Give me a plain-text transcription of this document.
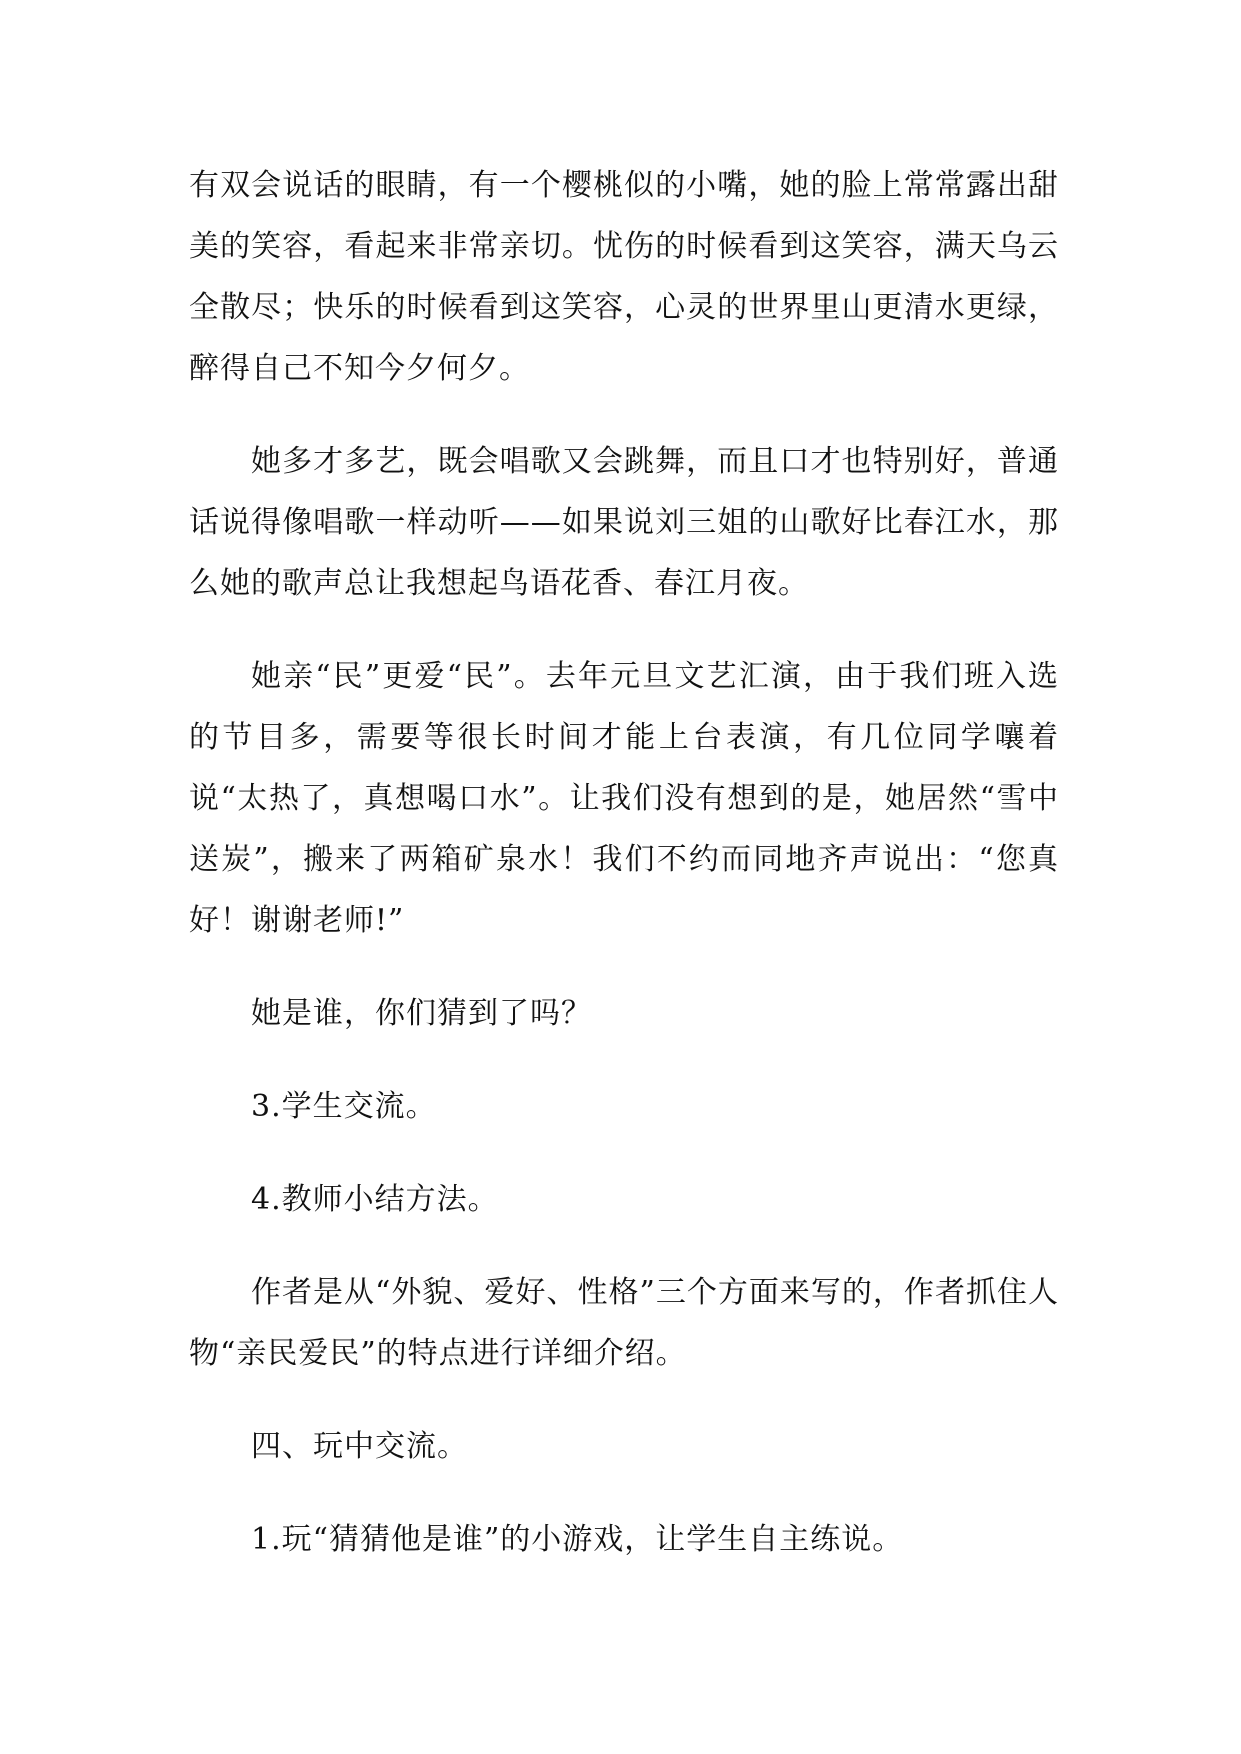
有双会说话的眼睛，有一个樱桃似的小嘴，她的脸上常常露出甜美的笑容，看起来非常亲切。忧伤的时候看到这笑容，满天乌云全散尽；快乐的时候看到这笑容，心灵的世界里山更清水更绿，醉得自己不知今夕何夕。

她多才多艺，既会唱歌又会跳舞，而且口才也特别好，普通话说得像唱歌一样动听——如果说刘三姐的山歌好比春江水，那么她的歌声总让我想起鸟语花香、春江月夜。

她亲“民”更爱“民”。去年元旦文艺汇演，由于我们班入选的节目多，需要等很长时间才能上台表演，有几位同学嚷着说“太热了，真想喝口水”。让我们没有想到的是，她居然“雪中送炭”，搬来了两箱矿泉水！我们不约而同地齐声说出：“您真好！谢谢老师!”

她是谁，你们猜到了吗？

3.学生交流。

4.教师小结方法。

作者是从“外貌、爱好、性格”三个方面来写的，作者抓住人物“亲民爱民”的特点进行详细介绍。

四、玩中交流。

1.玩“猜猜他是谁”的小游戏，让学生自主练说。
